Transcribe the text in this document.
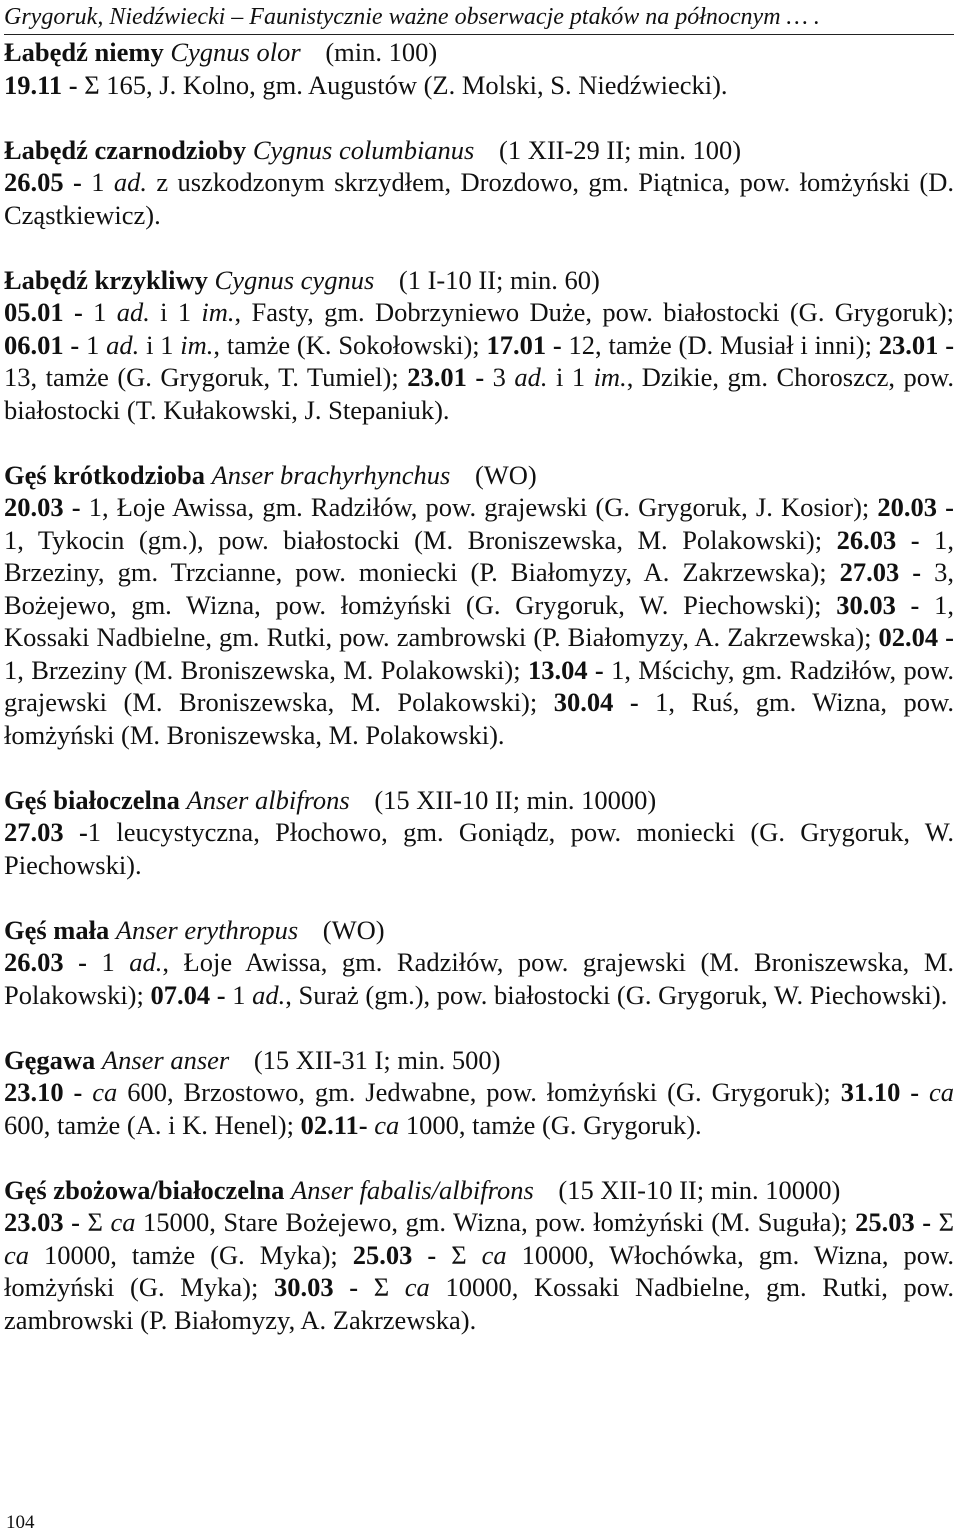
Grygoruk, Niedźwiecki – Faunistycznie ważne obserwacje ptaków na północnym … .
Łabędź niemy Cygnus olor (min. 100)

19.11 - Σ 165, J. Kolno, gm. Augustów (Z. Molski, S. Niedźwiecki).

Łabędź czarnodzioby Cygnus columbianus (1 XII-29 II; min. 100)

26.05 - 1 ad. z uszkodzonym skrzydłem, Drozdowo, gm. Piątnica, pow. łomżyński (D. Cząstkiewicz).

Łabędź krzykliwy Cygnus cygnus (1 I-10 II; min. 60)

05.01 - 1 ad. i 1 im., Fasty, gm. Dobrzyniewo Duże, pow. białostocki (G. Grygoruk); 06.01 - 1 ad. i 1 im., tamże (K. Sokołowski); 17.01 - 12, tamże (D. Musiał i inni); 23.01 - 13, tamże (G. Grygoruk, T. Tumiel); 23.01 - 3 ad. i 1 im., Dzikie, gm. Choroszcz, pow. białostocki (T. Kułakowski, J. Stepaniuk).

Gęś krótkodzioba Anser brachyrhynchus (WO)

20.03 - 1, Łoje Awissa, gm. Radziłów, pow. grajewski (G. Grygoruk, J. Kosior); 20.03 - 1, Tykocin (gm.), pow. białostocki (M. Broniszewska, M. Polakowski); 26.03 - 1, Brzeziny, gm. Trzcianne, pow. moniecki (P. Białomyzy, A. Zakrzewska); 27.03 - 3, Bożejewo, gm. Wizna, pow. łomżyński (G. Grygoruk, W. Piechowski); 30.03 - 1, Kossaki Nadbielne, gm. Rutki, pow. zambrowski (P. Białomyzy, A. Zakrzewska); 02.04 - 1, Brzeziny (M. Broniszewska, M. Polakowski); 13.04 - 1, Mścichy, gm. Radziłów, pow. grajewski (M. Broniszewska, M. Polakowski); 30.04 - 1, Ruś, gm. Wizna, pow. łomżyński (M. Broniszewska, M. Polakowski).

Gęś białoczelna Anser albifrons (15 XII-10 II; min. 10000)

27.03 -1 leucystyczna, Płochowo, gm. Goniądz, pow. moniecki (G. Grygoruk, W. Piechowski).

Gęś mała Anser erythropus (WO)

26.03 - 1 ad., Łoje Awissa, gm. Radziłów, pow. grajewski (M. Broniszewska, M. Polakowski); 07.04 - 1 ad., Suraż (gm.), pow. białostocki (G. Grygoruk, W. Piechowski).

Gęgawa Anser anser (15 XII-31 I; min. 500)

23.10 - ca 600, Brzostowo, gm. Jedwabne, pow. łomżyński (G. Grygoruk); 31.10 - ca 600, tamże (A. i K. Henel); 02.11- ca 1000, tamże (G. Grygoruk).

Gęś zbożowa/białoczelna Anser fabalis/albifrons (15 XII-10 II; min. 10000)

23.03 - Σ ca 15000, Stare Bożejewo, gm. Wizna, pow. łomżyński (M. Suguła); 25.03 - Σ ca 10000, tamże (G. Myka); 25.03 - Σ ca 10000, Włochówka, gm. Wizna, pow. łomżyński (G. Myka); 30.03 - Σ ca 10000, Kossaki Nadbielne, gm. Rutki, pow. zambrowski (P. Białomyzy, A. Zakrzewska).

104
